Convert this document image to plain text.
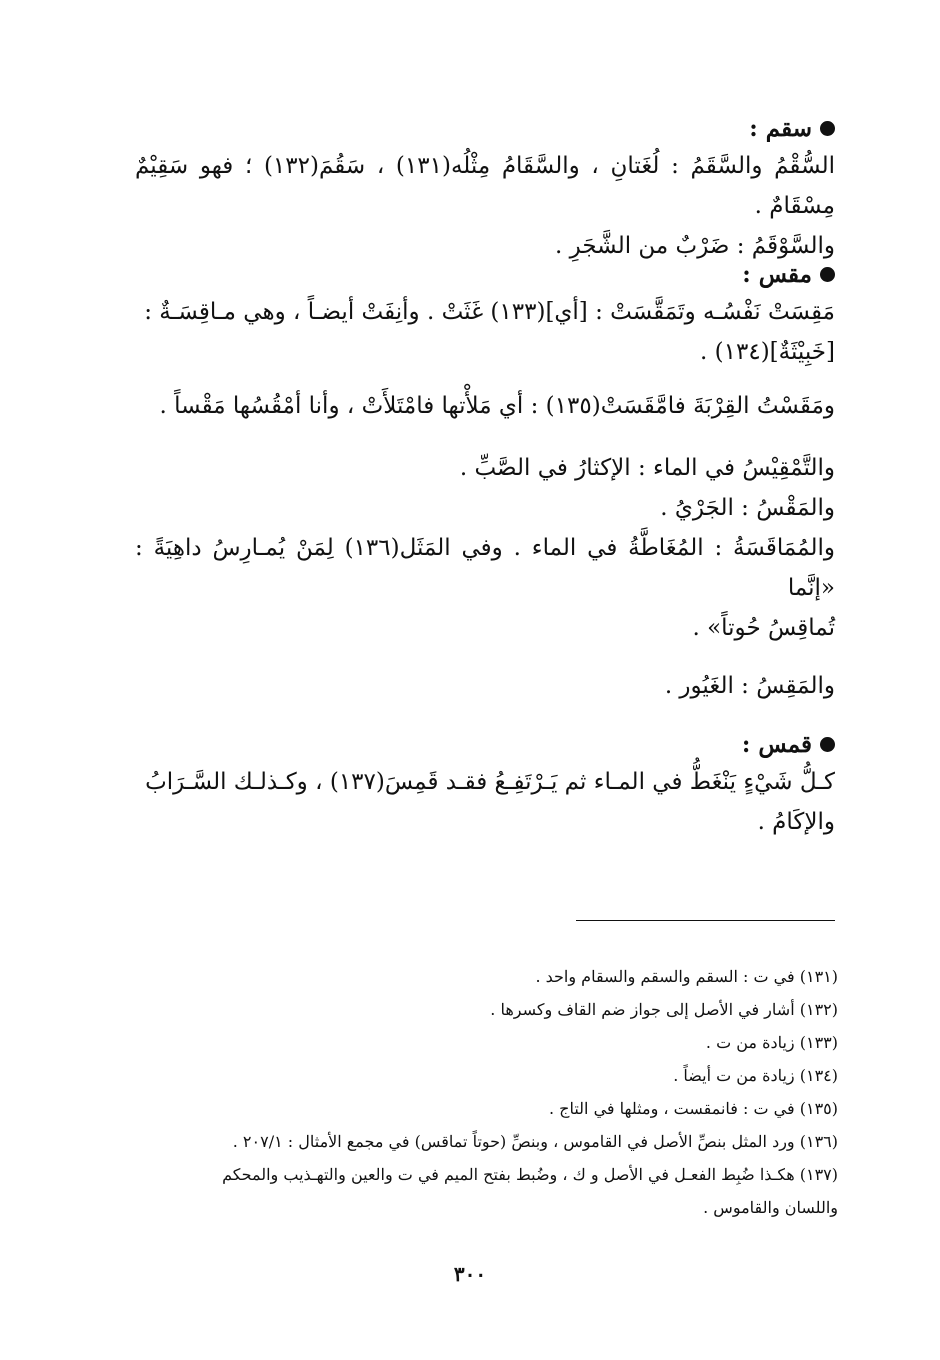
سقم :

السُّقْمُ والسَّقَمُ : لُغَتانِ ، والسَّقَامُ مِثْلُه(١٣١) ، سَقُمَ(١٣٢) ؛ فهو سَقِيْمٌ مِسْقَامٌ .

والسَّوْقَمُ : ضَرْبٌ من الشَّجَرِ .

مقس :

مَقِسَتْ نَفْسُـه وتَمَقَّسَتْ : [أي](١٣٣) غَثَتْ . وأنِفَتْ أيضـاً ، وهي مـاقِسَـةٌ :

[خَبِيْثَةٌ](١٣٤) .

ومَقَسْتُ القِرْبَةَ فامَّقَسَتْ(١٣٥) : أي مَلأْتها فامْتَلأَتْ ، وأنا أمْقُسُها مَقْساً .

والتَّمْقِيْسُ في الماء : الإكثارُ في الصَّبِّ .

والمَقْسُ : الجَرْيُ .

والمُمَاقَسَةُ : المُغَاطَّةُ في الماء . وفي المَثَل(١٣٦) لِمَنْ يُمـارِسُ داهِيَةً : «إنَّما

تُماقِسُ حُوتاً» .

والمَقِسُ : الغَيُور .

قمس :

كـلُّ شَيْءٍ يَنْغَطُّ في المـاء ثم يَـرْتَفِـعُ فقـد قَمِسَ(١٣٧) ، وكـذلـك السَّـرَابُ

والإكَامُ .

(١٣١) في ت : السقم والسقم والسقام واحد .

(١٣٢) أشار في الأصل إلى جواز ضم القاف وكسرها .

(١٣٣) زيادة من ت .

(١٣٤) زيادة من ت أيضاً .

(١٣٥) في ت : فانمقست ، ومثلها في التاج .

(١٣٦) ورد المثل بنصِّ الأصل في القاموس ، وبنصِّ (حوتاً تماقس) في مجمع الأمثال : ٢٠٧/١ .

(١٣٧) هكـذا ضُبِط الفعـل في الأصل و ك ، وضُبط بفتح الميم في ت والعين والتهـذيب والمحكم

واللسان والقاموس .

٣٠٠
